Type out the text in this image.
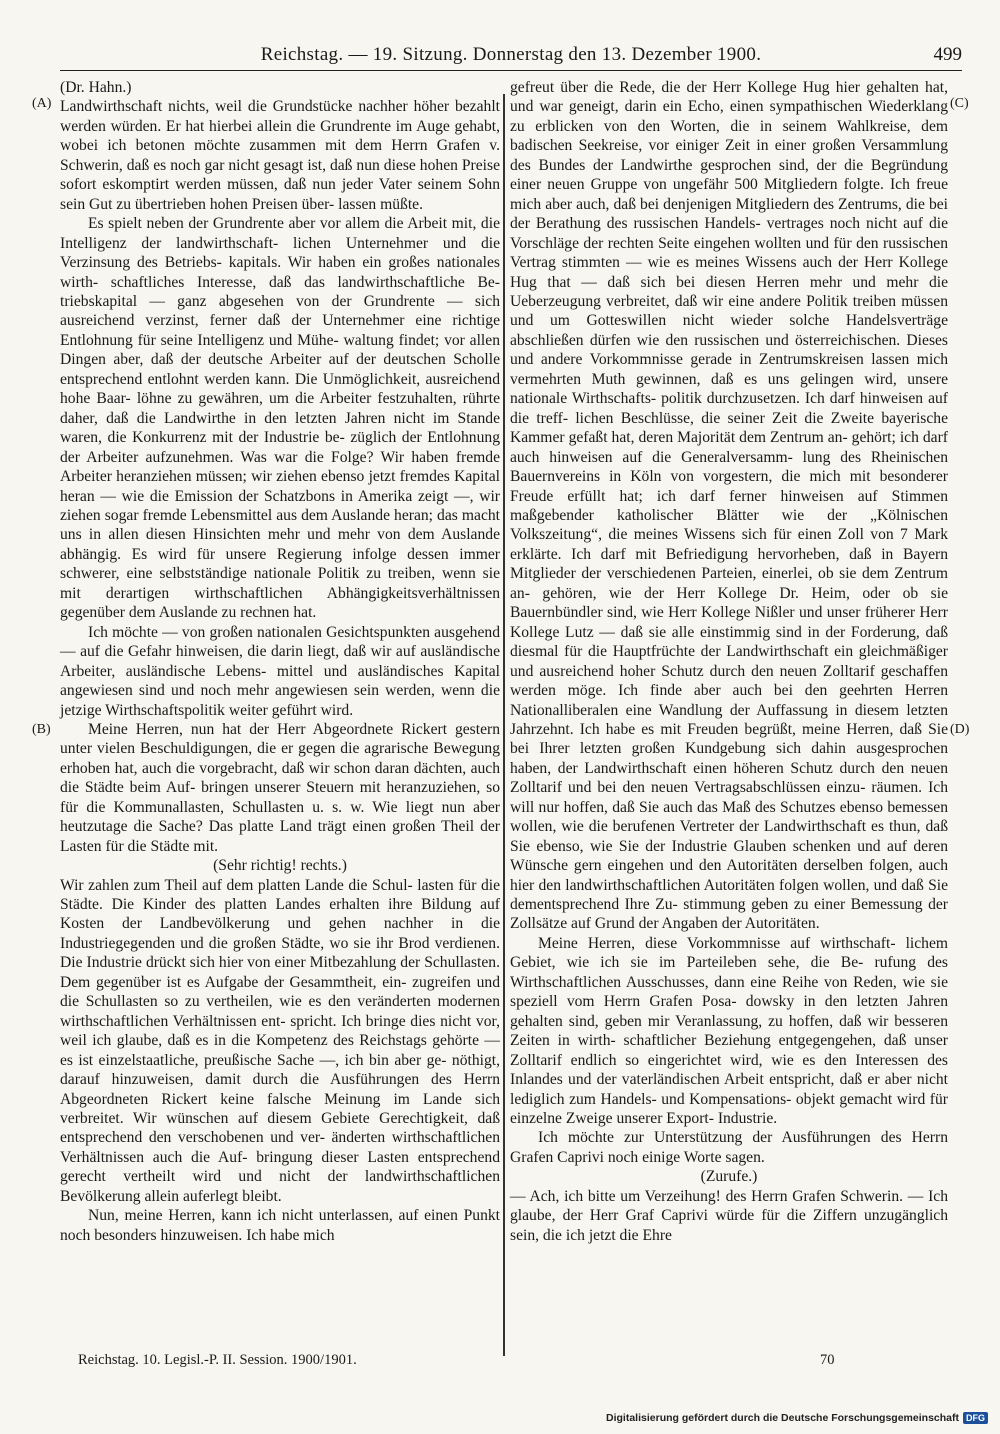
Reichstag. — 19. Sitzung. Donnerstag den 13. Dezember 1900.	499
(A)
(B)
(C)
(D)

(Dr. Hahn.)

Landwirthschaft nichts, weil die Grundstücke nachher höher bezahlt werden würden. Er hat hierbei allein die Grundrente im Auge gehabt, wobei ich betonen möchte zusammen mit dem Herrn Grafen v. Schwerin, daß es noch gar nicht gesagt ist, daß nun diese hohen Preise sofort eskomptirt werden müssen, daß nun jeder Vater seinem Sohn sein Gut zu übertrieben hohen Preisen über- lassen müßte.

Es spielt neben der Grundrente aber vor allem die Arbeit mit, die Intelligenz der landwirthschaft- lichen Unternehmer und die Verzinsung des Betriebs- kapitals. Wir haben ein großes nationales wirth- schaftliches Interesse, daß das landwirthschaftliche Be- triebskapital — ganz abgesehen von der Grundrente — sich ausreichend verzinst, ferner daß der Unternehmer eine richtige Entlohnung für seine Intelligenz und Mühe- waltung findet; vor allen Dingen aber, daß der deutsche Arbeiter auf der deutschen Scholle entsprechend entlohnt werden kann. Die Unmöglichkeit, ausreichend hohe Baar- löhne zu gewähren, um die Arbeiter festzuhalten, rührte daher, daß die Landwirthe in den letzten Jahren nicht im Stande waren, die Konkurrenz mit der Industrie be- züglich der Entlohnung der Arbeiter aufzunehmen. Was war die Folge? Wir haben fremde Arbeiter heranziehen müssen; wir ziehen ebenso jetzt fremdes Kapital heran — wie die Emission der Schatzbons in Amerika zeigt —, wir ziehen sogar fremde Lebensmittel aus dem Auslande heran; das macht uns in allen diesen Hinsichten mehr und mehr von dem Auslande abhängig. Es wird für unsere Regierung infolge dessen immer schwerer, eine selbstständige nationale Politik zu treiben, wenn sie mit derartigen wirthschaftlichen Abhängigkeitsverhältnissen gegenüber dem Auslande zu rechnen hat.

Ich möchte — von großen nationalen Gesichtspunkten ausgehend — auf die Gefahr hinweisen, die darin liegt, daß wir auf ausländische Arbeiter, ausländische Lebens- mittel und ausländisches Kapital angewiesen sind und noch mehr angewiesen sein werden, wenn die jetzige Wirthschaftspolitik weiter geführt wird.

Meine Herren, nun hat der Herr Abgeordnete Rickert gestern unter vielen Beschuldigungen, die er gegen die agrarische Bewegung erhoben hat, auch die vorgebracht, daß wir schon daran dächten, auch die Städte beim Auf- bringen unserer Steuern mit heranzuziehen, so für die Kommunallasten, Schullasten u. s. w. Wie liegt nun aber heutzutage die Sache? Das platte Land trägt einen großen Theil der Lasten für die Städte mit.

(Sehr richtig! rechts.)

Wir zahlen zum Theil auf dem platten Lande die Schul- lasten für die Städte. Die Kinder des platten Landes erhalten ihre Bildung auf Kosten der Landbevölkerung und gehen nachher in die Industriegegenden und die großen Städte, wo sie ihr Brod verdienen. Die Industrie drückt sich hier von einer Mitbezahlung der Schullasten. Dem gegenüber ist es Aufgabe der Gesammtheit, ein- zugreifen und die Schullasten so zu vertheilen, wie es den veränderten modernen wirthschaftlichen Verhältnissen ent- spricht. Ich bringe dies nicht vor, weil ich glaube, daß es in die Kompetenz des Reichstags gehörte — es ist einzelstaatliche, preußische Sache —, ich bin aber ge- nöthigt, darauf hinzuweisen, damit durch die Ausführungen des Herrn Abgeordneten Rickert keine falsche Meinung im Lande sich verbreitet. Wir wünschen auf diesem Gebiete Gerechtigkeit, daß entsprechend den verschobenen und ver- änderten wirthschaftlichen Verhältnissen auch die Auf- bringung dieser Lasten entsprechend gerecht vertheilt wird und nicht der landwirthschaftlichen Bevölkerung allein auferlegt bleibt.

Nun, meine Herren, kann ich nicht unterlassen, auf einen Punkt noch besonders hinzuweisen. Ich habe mich

gefreut über die Rede, die der Herr Kollege Hug hier gehalten hat, und war geneigt, darin ein Echo, einen sympathischen Wiederklang zu erblicken von den Worten, die in seinem Wahlkreise, dem badischen Seekreise, vor einiger Zeit in einer großen Versammlung des Bundes der Landwirthe gesprochen sind, der die Begründung einer neuen Gruppe von ungefähr 500 Mitgliedern folgte. Ich freue mich aber auch, daß bei denjenigen Mitgliedern des Zentrums, die bei der Berathung des russischen Handels- vertrages noch nicht auf die Vorschläge der rechten Seite eingehen wollten und für den russischen Vertrag stimmten — wie es meines Wissens auch der Herr Kollege Hug that — daß sich bei diesen Herren mehr und mehr die Ueberzeugung verbreitet, daß wir eine andere Politik treiben müssen und um Gotteswillen nicht wieder solche Handelsverträge abschließen dürfen wie den russischen und österreichischen. Dieses und andere Vorkommnisse gerade in Zentrumskreisen lassen mich vermehrten Muth gewinnen, daß es uns gelingen wird, unsere nationale Wirthschafts- politik durchzusetzen. Ich darf hinweisen auf die treff- lichen Beschlüsse, die seiner Zeit die Zweite bayerische Kammer gefaßt hat, deren Majorität dem Zentrum an- gehört; ich darf auch hinweisen auf die Generalversamm- lung des Rheinischen Bauernvereins in Köln von vorgestern, die mich mit besonderer Freude erfüllt hat; ich darf ferner hinweisen auf Stimmen maßgebender katholischer Blätter wie der „Kölnischen Volkszeitung“, die meines Wissens sich für einen Zoll von 7 Mark erklärte. Ich darf mit Befriedigung hervorheben, daß in Bayern Mitglieder der verschiedenen Parteien, einerlei, ob sie dem Zentrum an- gehören, wie der Herr Kollege Dr. Heim, oder ob sie Bauernbündler sind, wie Herr Kollege Nißler und unser früherer Herr Kollege Lutz — daß sie alle einstimmig sind in der Forderung, daß diesmal für die Hauptfrüchte der Landwirthschaft ein gleichmäßiger und ausreichend hoher Schutz durch den neuen Zolltarif geschaffen werden möge. Ich finde aber auch bei den geehrten Herren Nationalliberalen eine Wandlung der Auffassung in diesem letzten Jahrzehnt. Ich habe es mit Freuden begrüßt, meine Herren, daß Sie bei Ihrer letzten großen Kundgebung sich dahin ausgesprochen haben, der Landwirthschaft einen höheren Schutz durch den neuen Zolltarif und bei den neuen Vertragsabschlüssen einzu- räumen. Ich will nur hoffen, daß Sie auch das Maß des Schutzes ebenso bemessen wollen, wie die berufenen Vertreter der Landwirthschaft es thun, daß Sie ebenso, wie Sie der Industrie Glauben schenken und auf deren Wünsche gern eingehen und den Autoritäten derselben folgen, auch hier den landwirthschaftlichen Autoritäten folgen wollen, und daß Sie dementsprechend Ihre Zu- stimmung geben zu einer Bemessung der Zollsätze auf Grund der Angaben der Autoritäten.

Meine Herren, diese Vorkommnisse auf wirthschaft- lichem Gebiet, wie ich sie im Parteileben sehe, die Be- rufung des Wirthschaftlichen Ausschusses, dann eine Reihe von Reden, wie sie speziell vom Herrn Grafen Posa- dowsky in den letzten Jahren gehalten sind, geben mir Veranlassung, zu hoffen, daß wir besseren Zeiten in wirth- schaftlicher Beziehung entgegengehen, daß unser Zolltarif endlich so eingerichtet wird, wie es den Interessen des Inlandes und der vaterländischen Arbeit entspricht, daß er aber nicht lediglich zum Handels- und Kompensations- objekt gemacht wird für einzelne Zweige unserer Export- Industrie.

Ich möchte zur Unterstützung der Ausführungen des Herrn Grafen Caprivi noch einige Worte sagen.

(Zurufe.)

— Ach, ich bitte um Verzeihung! des Herrn Grafen Schwerin. — Ich glaube, der Herr Graf Caprivi würde für die Ziffern unzugänglich sein, die ich jetzt die Ehre

Reichstag. 10. Legisl.-P. II. Session. 1900/1901.	70
Digitalisierung gefördert durch die Deutsche Forschungsgemeinschaft DFG
